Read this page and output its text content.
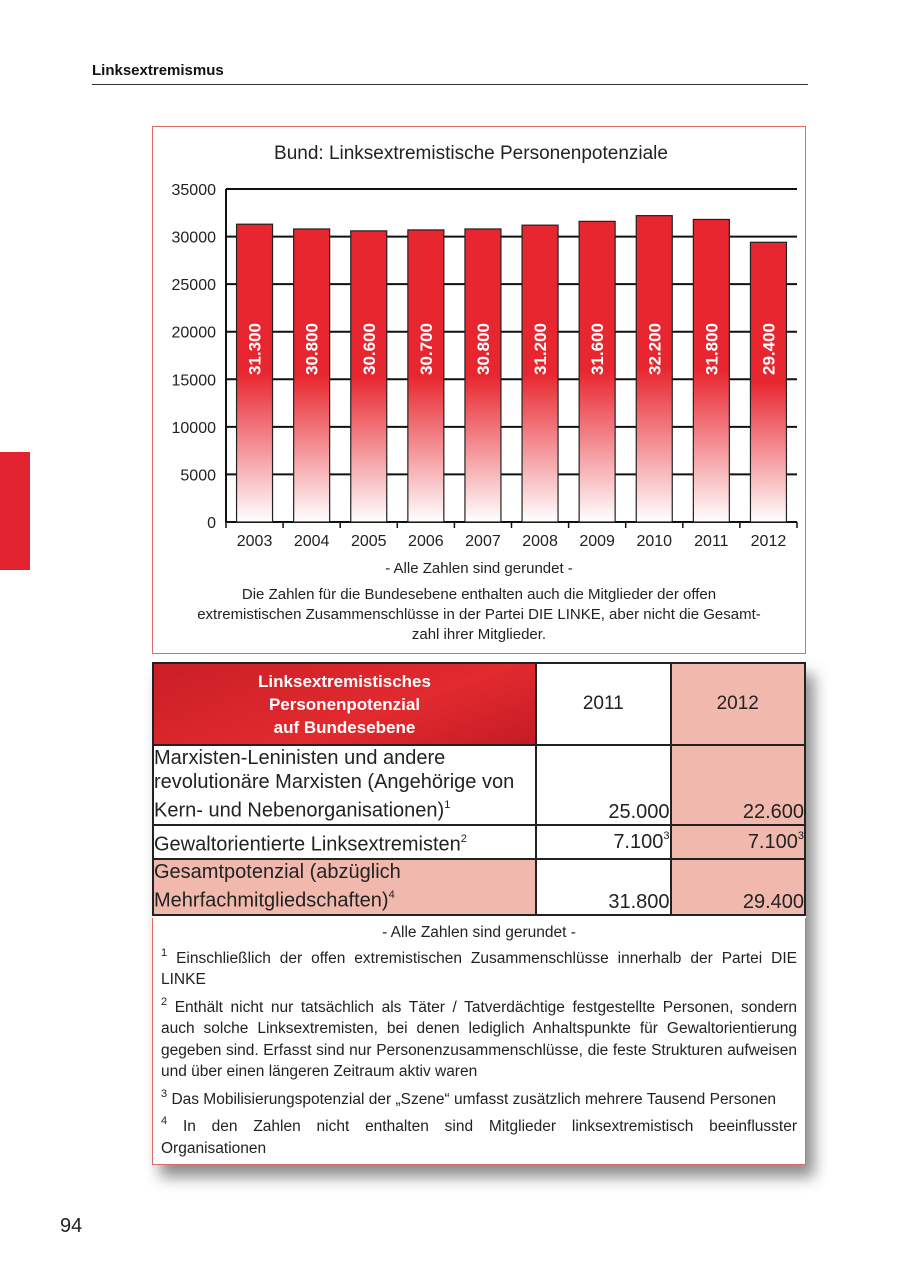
Linksextremismus
Bund: Linksextremistische Personenpotenziale
31.300 30.800 30.600 30.700 30.800 31.200 31.600 32.200 31.800 29.400
0
5000
10000
15000
20000
25000
30000
35000
2003 2004 2005 2006 2007 2008 2009 2010 2011 2012
- Alle Zahlen sind gerundet -
Die Zahlen für die Bundesebene enthalten auch die Mitglieder der offen
extremistischen Zusammenschlüsse in der Partei DIE LINKE, aber nicht die Gesamt-
zahl ihrer Mitglieder.
Linksextremistisches
Personenpotenzial
auf Bundesebene	2011	2012
Marxisten-Leninisten und andere
revolutionäre Marxisten (Angehörige von
Kern- und Nebenorganisationen)$^1$	25.000	22.600
Gewaltorientierte Linksextremisten$^2$	7.100$^3$	7.100$^3$
Gesamtpotenzial (abzüglich
Mehrfachmitgliedschaften)$^4$	31.800	29.400
- Alle Zahlen sind gerundet -

$^1$ Einschließlich der offen extremistischen Zusammenschlüsse innerhalb der Partei DIE LINKE

$^2$ Enthält nicht nur tatsächlich als Täter / Tatverdächtige festgestellte Personen, sondern auch solche Linksextremisten, bei denen lediglich Anhaltspunkte für Gewaltorientierung gegeben sind. Erfasst sind nur Personenzusammenschlüsse, die feste Strukturen aufweisen und über einen längeren Zeitraum aktiv waren

$^3$ Das Mobilisierungspotenzial der „Szene“ umfasst zusätzlich mehrere Tausend Personen

$^4$ In den Zahlen nicht enthalten sind Mitglieder linksextremistisch beeinflusster Organisationen

94
